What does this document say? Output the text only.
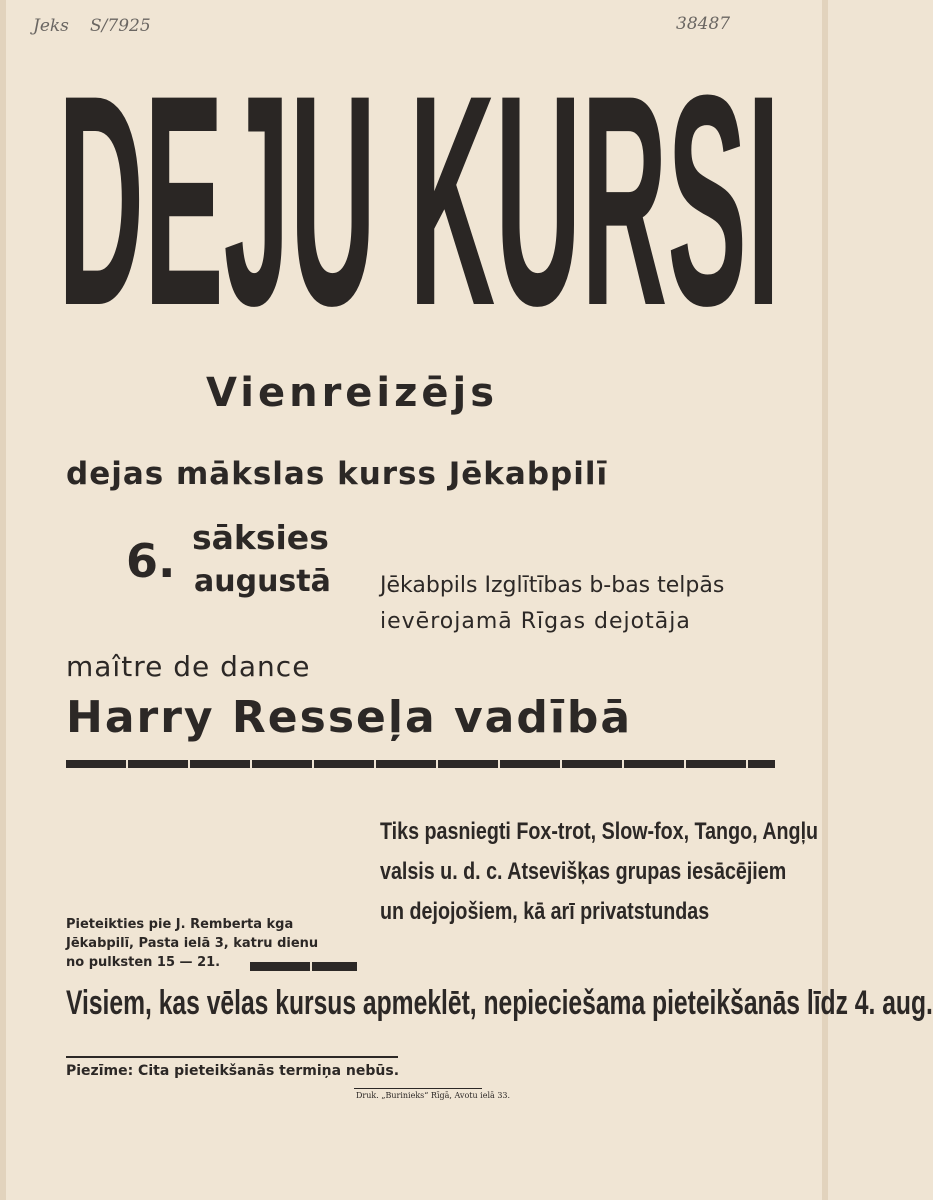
Jeks S/7925	38487
DEJU KURSI
Vienreizējs
dejas mākslas kurss Jēkabpilī
sāksies
6. augustā Jēkabpils Izglītības b-bas telpās
ievērojamā Rīgas dejotāja
maître de dance
Harry Resseļa vadībā
Tiks pasniegti Fox-trot, Slow-fox, Tango, Angļu
valsis u. d. c. Atsevišķas grupas iesācējiem
un dejojošiem, kā arī privatstundas
Pieteikties pie J. Remberta kga
Jēkabpilī, Pasta ielā 3, katru dienu
no pulksten 15 — 21.
Visiem, kas vēlas kursus apmeklēt, nepieciešama pieteikšanās līdz 4. aug.
Piezīme: Cita pieteikšanās termiņa nebūs.
Druk. „Burinieks“ Rīgā, Avotu ielā 33.
